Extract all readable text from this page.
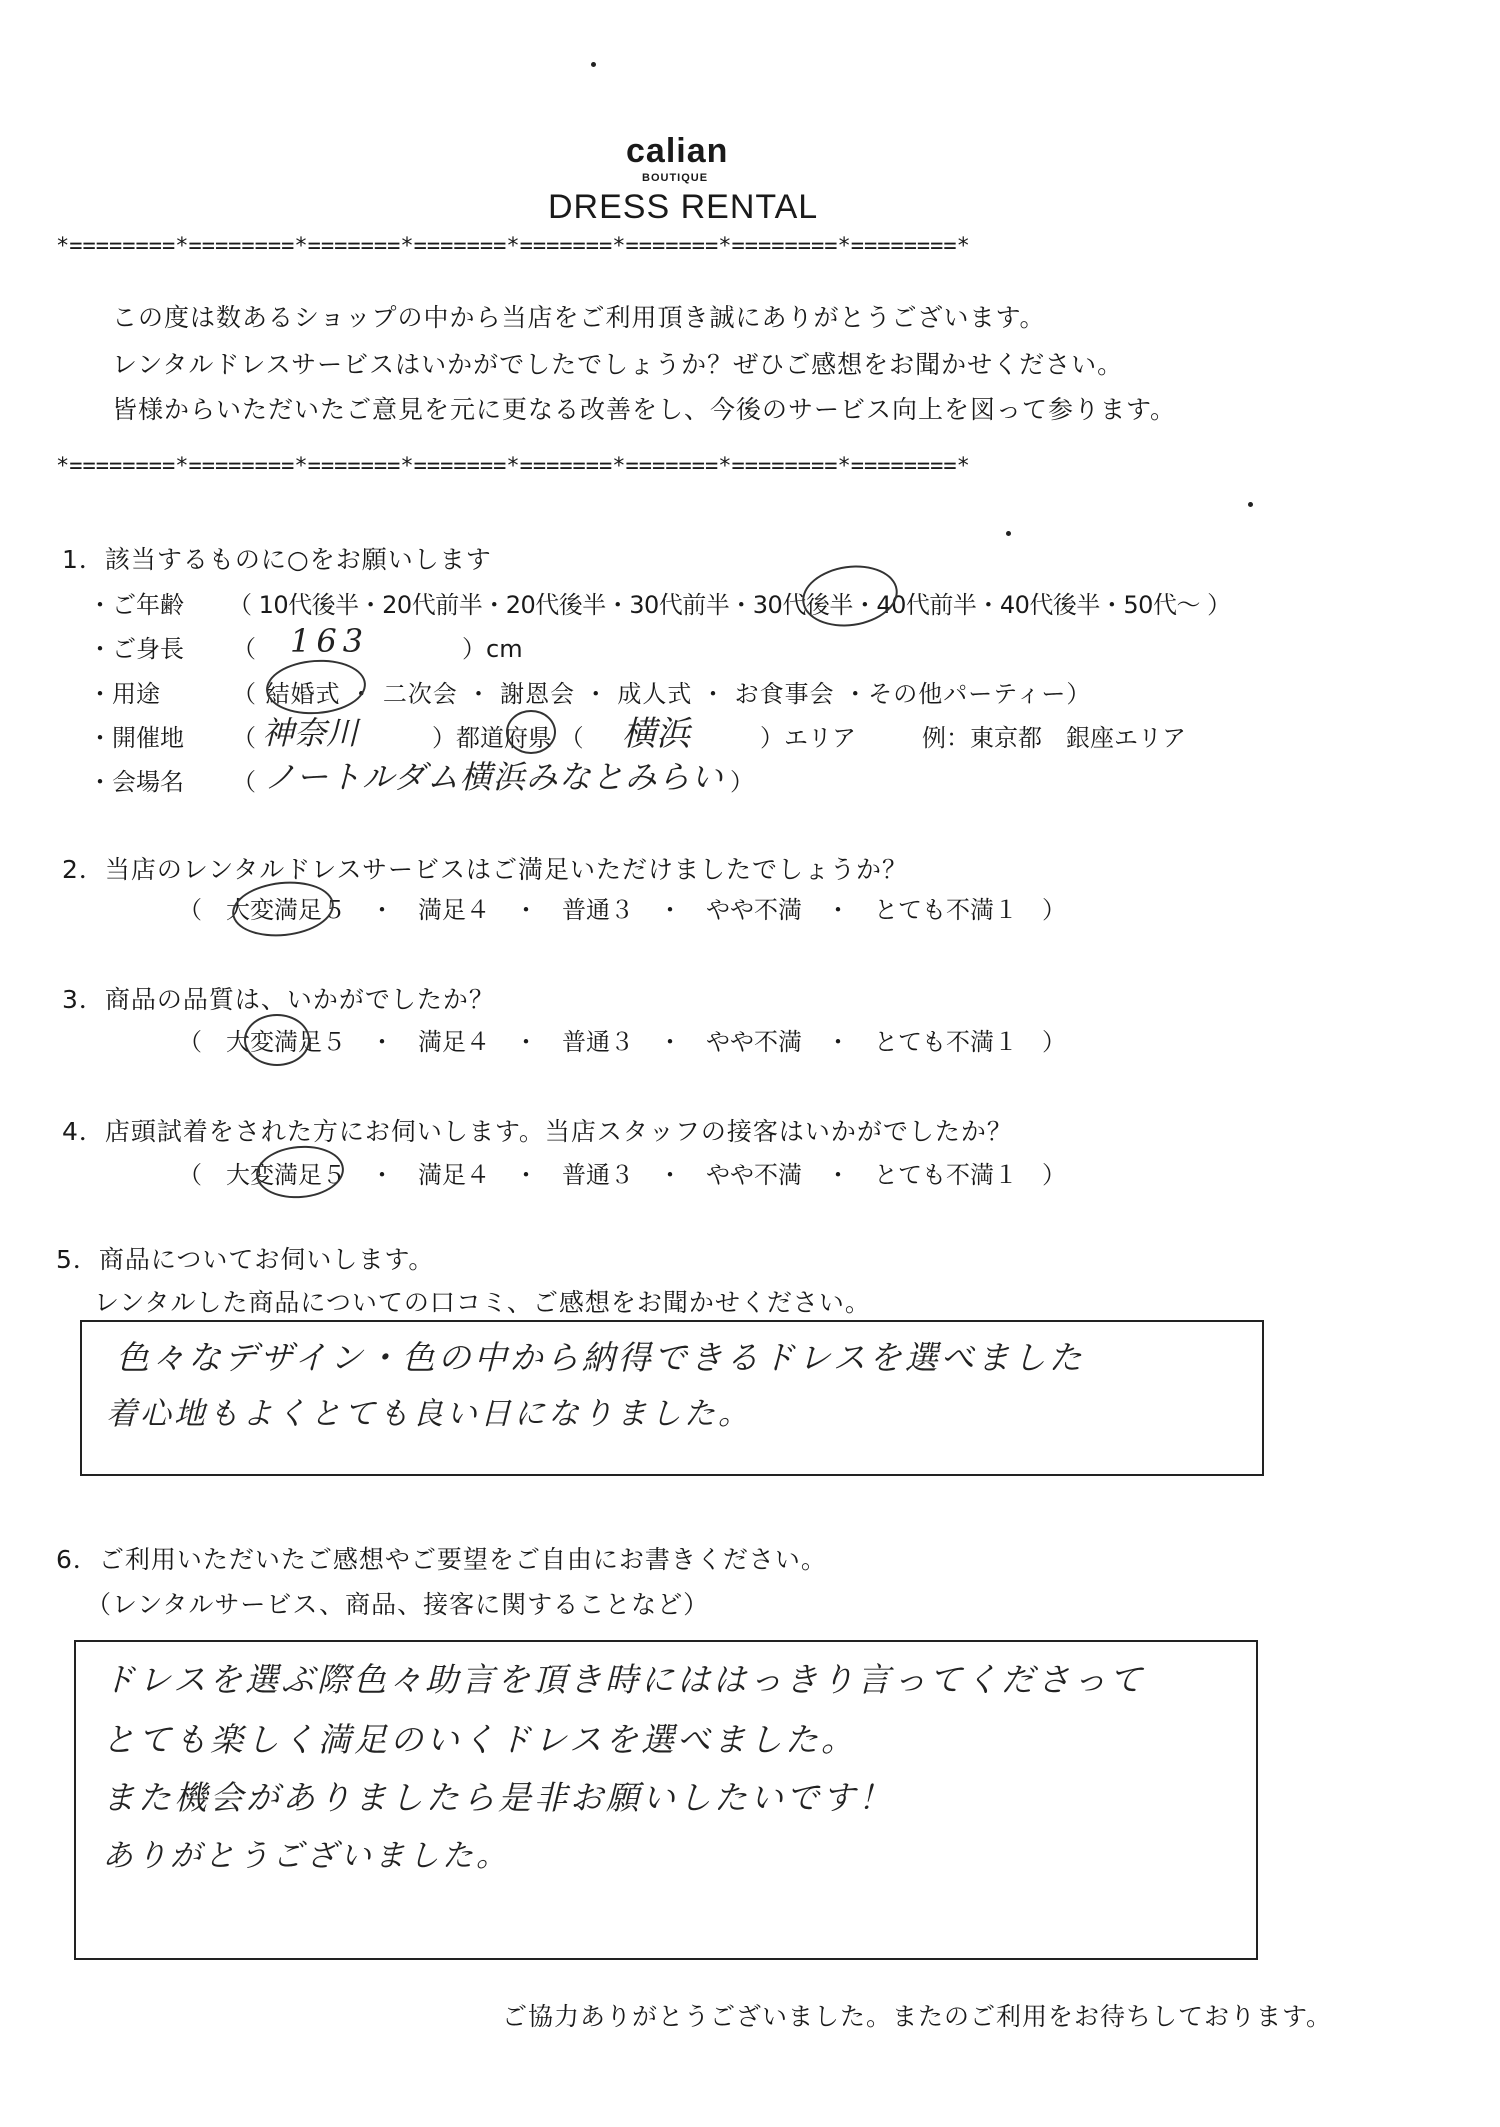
calian
BOUTIQUE
DRESS RENTAL
*========*========*=======*=======*=======*=======*========*========*
この度は数あるショップの中から当店をご利用頂き誠にありがとうございます。
レンタルドレスサービスはいかがでしたでしょうか？ぜひご感想をお聞かせください。
皆様からいただいたご意見を元に更なる改善をし、今後のサービス向上を図って参ります。
*========*========*=======*=======*=======*=======*========*========*
1．該当するものに○をお願いします
・ご年齢 （ 10代後半・20代前半・20代後半・30代前半・30代後半・40代前半・40代後半・50代〜 ）
・ご身長 （ 163	）cm
・用途	（ 結婚式 ・ 二次会 ・ 謝恩会 ・ 成人式 ・ お食事会 ・その他パーティー）
・開催地 （ 神奈川	）都道府県 （ 横浜	）エリア	例：東京都　銀座エリア
・会場名 （ ノートルダム横浜みなとみらい ）
2．当店のレンタルドレスサービスはご満足いただけましたでしょうか？
（　大変満足５　・　満足４　・　普通３　・　やや不満　・　とても不満１　）
3．商品の品質は、いかがでしたか？
（　大変満足５　・　満足４　・　普通３　・　やや不満　・　とても不満１　）
4．店頭試着をされた方にお伺いします。当店スタッフの接客はいかがでしたか？
（　大変満足５　・　満足４　・　普通３　・　やや不満　・　とても不満１　）
5．商品についてお伺いします。
レンタルした商品についての口コミ、ご感想をお聞かせください。
色々なデザイン・色の中から納得できるドレスを選べました
着心地もよくとても良い日になりました。
6．ご利用いただいたご感想やご要望をご自由にお書きください。
（レンタルサービス、商品、接客に関することなど）
ドレスを選ぶ際色々助言を頂き時にははっきり言ってくださって
とても楽しく満足のいくドレスを選べました。
また機会がありましたら是非お願いしたいです！
ありがとうございました。
ご協力ありがとうございました。またのご利用をお待ちしております。
